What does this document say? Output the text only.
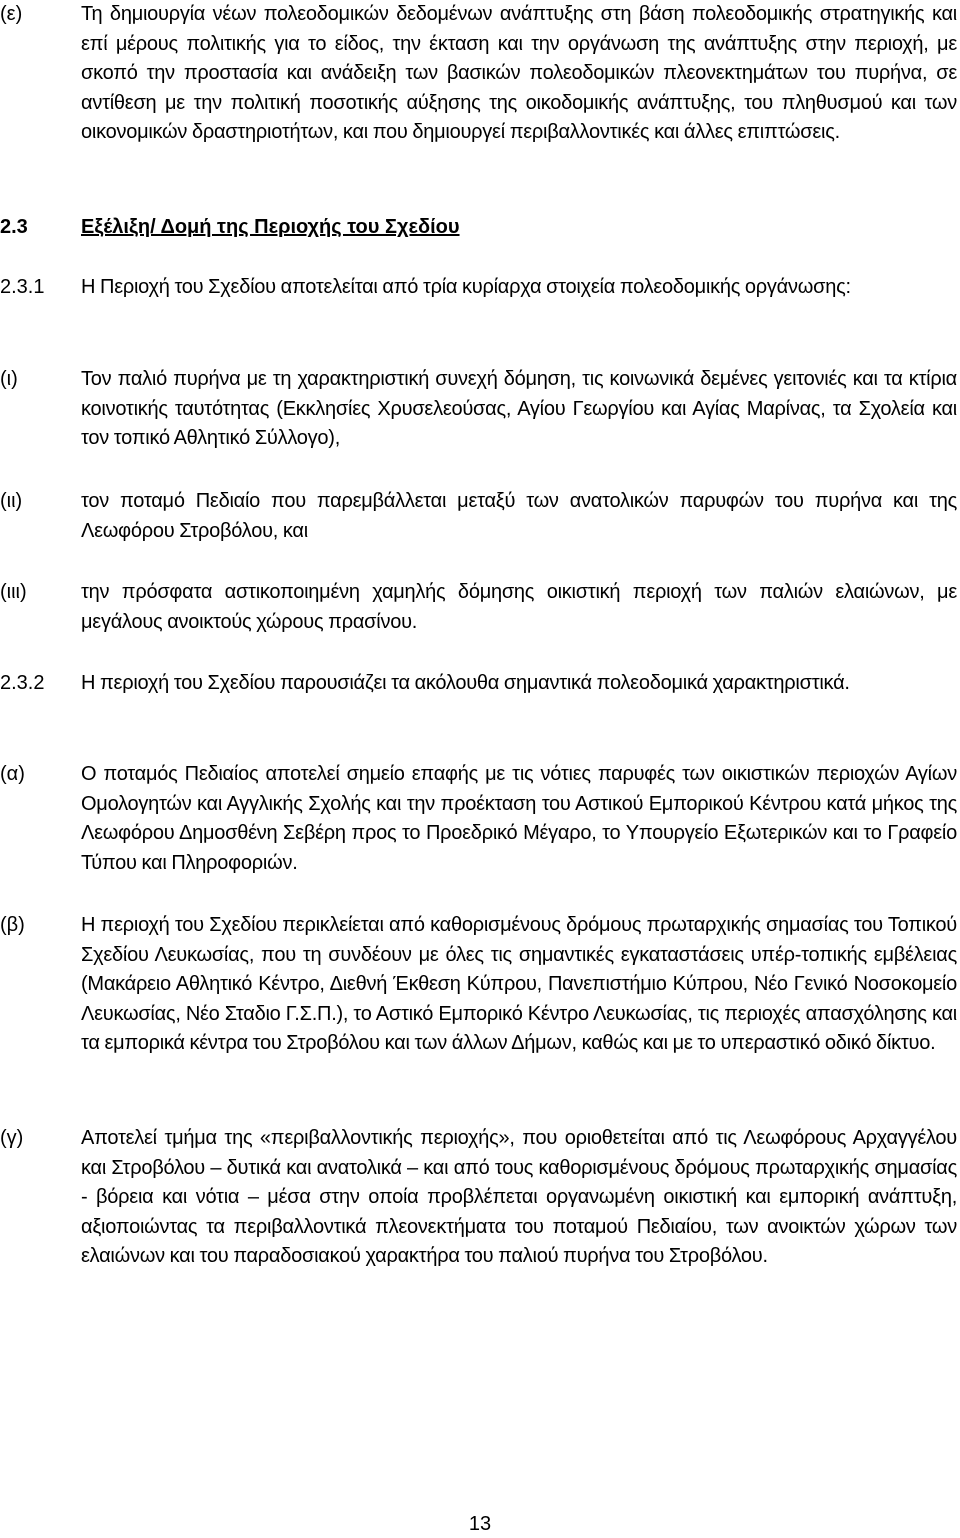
(ε)	Τη δημιουργία νέων πολεοδομικών δεδομένων ανάπτυξης στη βάση πολεοδομικής στρατηγικής και επί μέρους πολιτικής για το είδος, την έκταση και την οργάνωση της ανάπτυξης στην περιοχή, με σκοπό την προστασία και ανάδειξη των βασικών πολεοδομικών πλεονεκτημάτων του πυρήνα, σε αντίθεση με την πολιτική ποσοτικής αύξησης της οικοδομικής ανάπτυξης, του πληθυσμού και των οικονομικών δραστηριοτήτων, και που δημιουργεί περιβαλλοντικές και άλλες επιπτώσεις.
2.3	Εξέλιξη/ Δομή της Περιοχής του Σχεδίου
2.3.1 Η Περιοχή του Σχεδίου αποτελείται από τρία κυρίαρχα στοιχεία πολεοδομικής οργάνωσης:
(ι)	Τον παλιό πυρήνα με τη χαρακτηριστική συνεχή δόμηση, τις κοινωνικά δεμένες γειτονιές και τα κτίρια κοινοτικής ταυτότητας (Εκκλησίες Χρυσελεούσας, Αγίου Γεωργίου και Αγίας Μαρίνας, τα Σχολεία και τον τοπικό Αθλητικό Σύλλογο),
(ιι)	τον ποταμό Πεδιαίο που παρεμβάλλεται μεταξύ των ανατολικών παρυφών του πυρήνα και της Λεωφόρου Στροβόλου, και
(ιιι)	την πρόσφατα αστικοποιημένη χαμηλής δόμησης οικιστική περιοχή των παλιών ελαιώνων, με μεγάλους ανοικτούς χώρους πρασίνου.
2.3.2 Η περιοχή του Σχεδίου παρουσιάζει τα ακόλουθα σημαντικά πολεοδομικά χαρακτηριστικά.
(α)	Ο ποταμός Πεδιαίος αποτελεί σημείο επαφής με τις νότιες παρυφές των οικιστικών περιοχών Αγίων Ομολογητών και Αγγλικής Σχολής και την προέκταση του Αστικού Εμπορικού Κέντρου κατά μήκος της Λεωφόρου Δημοσθένη Σεβέρη προς το Προεδρικό Μέγαρο, το Υπουργείο Εξωτερικών και το Γραφείο Τύπου και Πληροφοριών.
(β)	Η περιοχή του Σχεδίου περικλείεται από καθορισμένους δρόμους πρωταρχικής σημασίας του Τοπικού Σχεδίου Λευκωσίας, που τη συνδέουν με όλες τις σημαντικές εγκαταστάσεις υπέρ-τοπικής εμβέλειας (Μακάρειο Αθλητικό Κέντρο, Διεθνή Έκθεση Κύπρου, Πανεπιστήμιο Κύπρου, Νέο Γενικό Νοσοκομείο Λευκωσίας, Νέο Σταδιο Γ.Σ.Π.), το Αστικό Εμπορικό Κέντρο Λευκωσίας, τις περιοχές απασχόλησης και τα εμπορικά κέντρα του Στροβόλου και των άλλων Δήμων, καθώς και με το υπεραστικό οδικό δίκτυο.
(γ)	Αποτελεί τμήμα της «περιβαλλοντικής περιοχής», που οριοθετείται από τις Λεωφόρους Αρχαγγέλου και Στροβόλου – δυτικά και ανατολικά – και από τους καθορισμένους δρόμους πρωταρχικής σημασίας - βόρεια και νότια – μέσα στην οποία προβλέπεται οργανωμένη οικιστική και εμπορική ανάπτυξη, αξιοποιώντας τα περιβαλλοντικά πλεονεκτήματα του ποταμού Πεδιαίου, των ανοικτών χώρων των ελαιώνων και του παραδοσιακού χαρακτήρα του παλιού πυρήνα του Στροβόλου.
13
